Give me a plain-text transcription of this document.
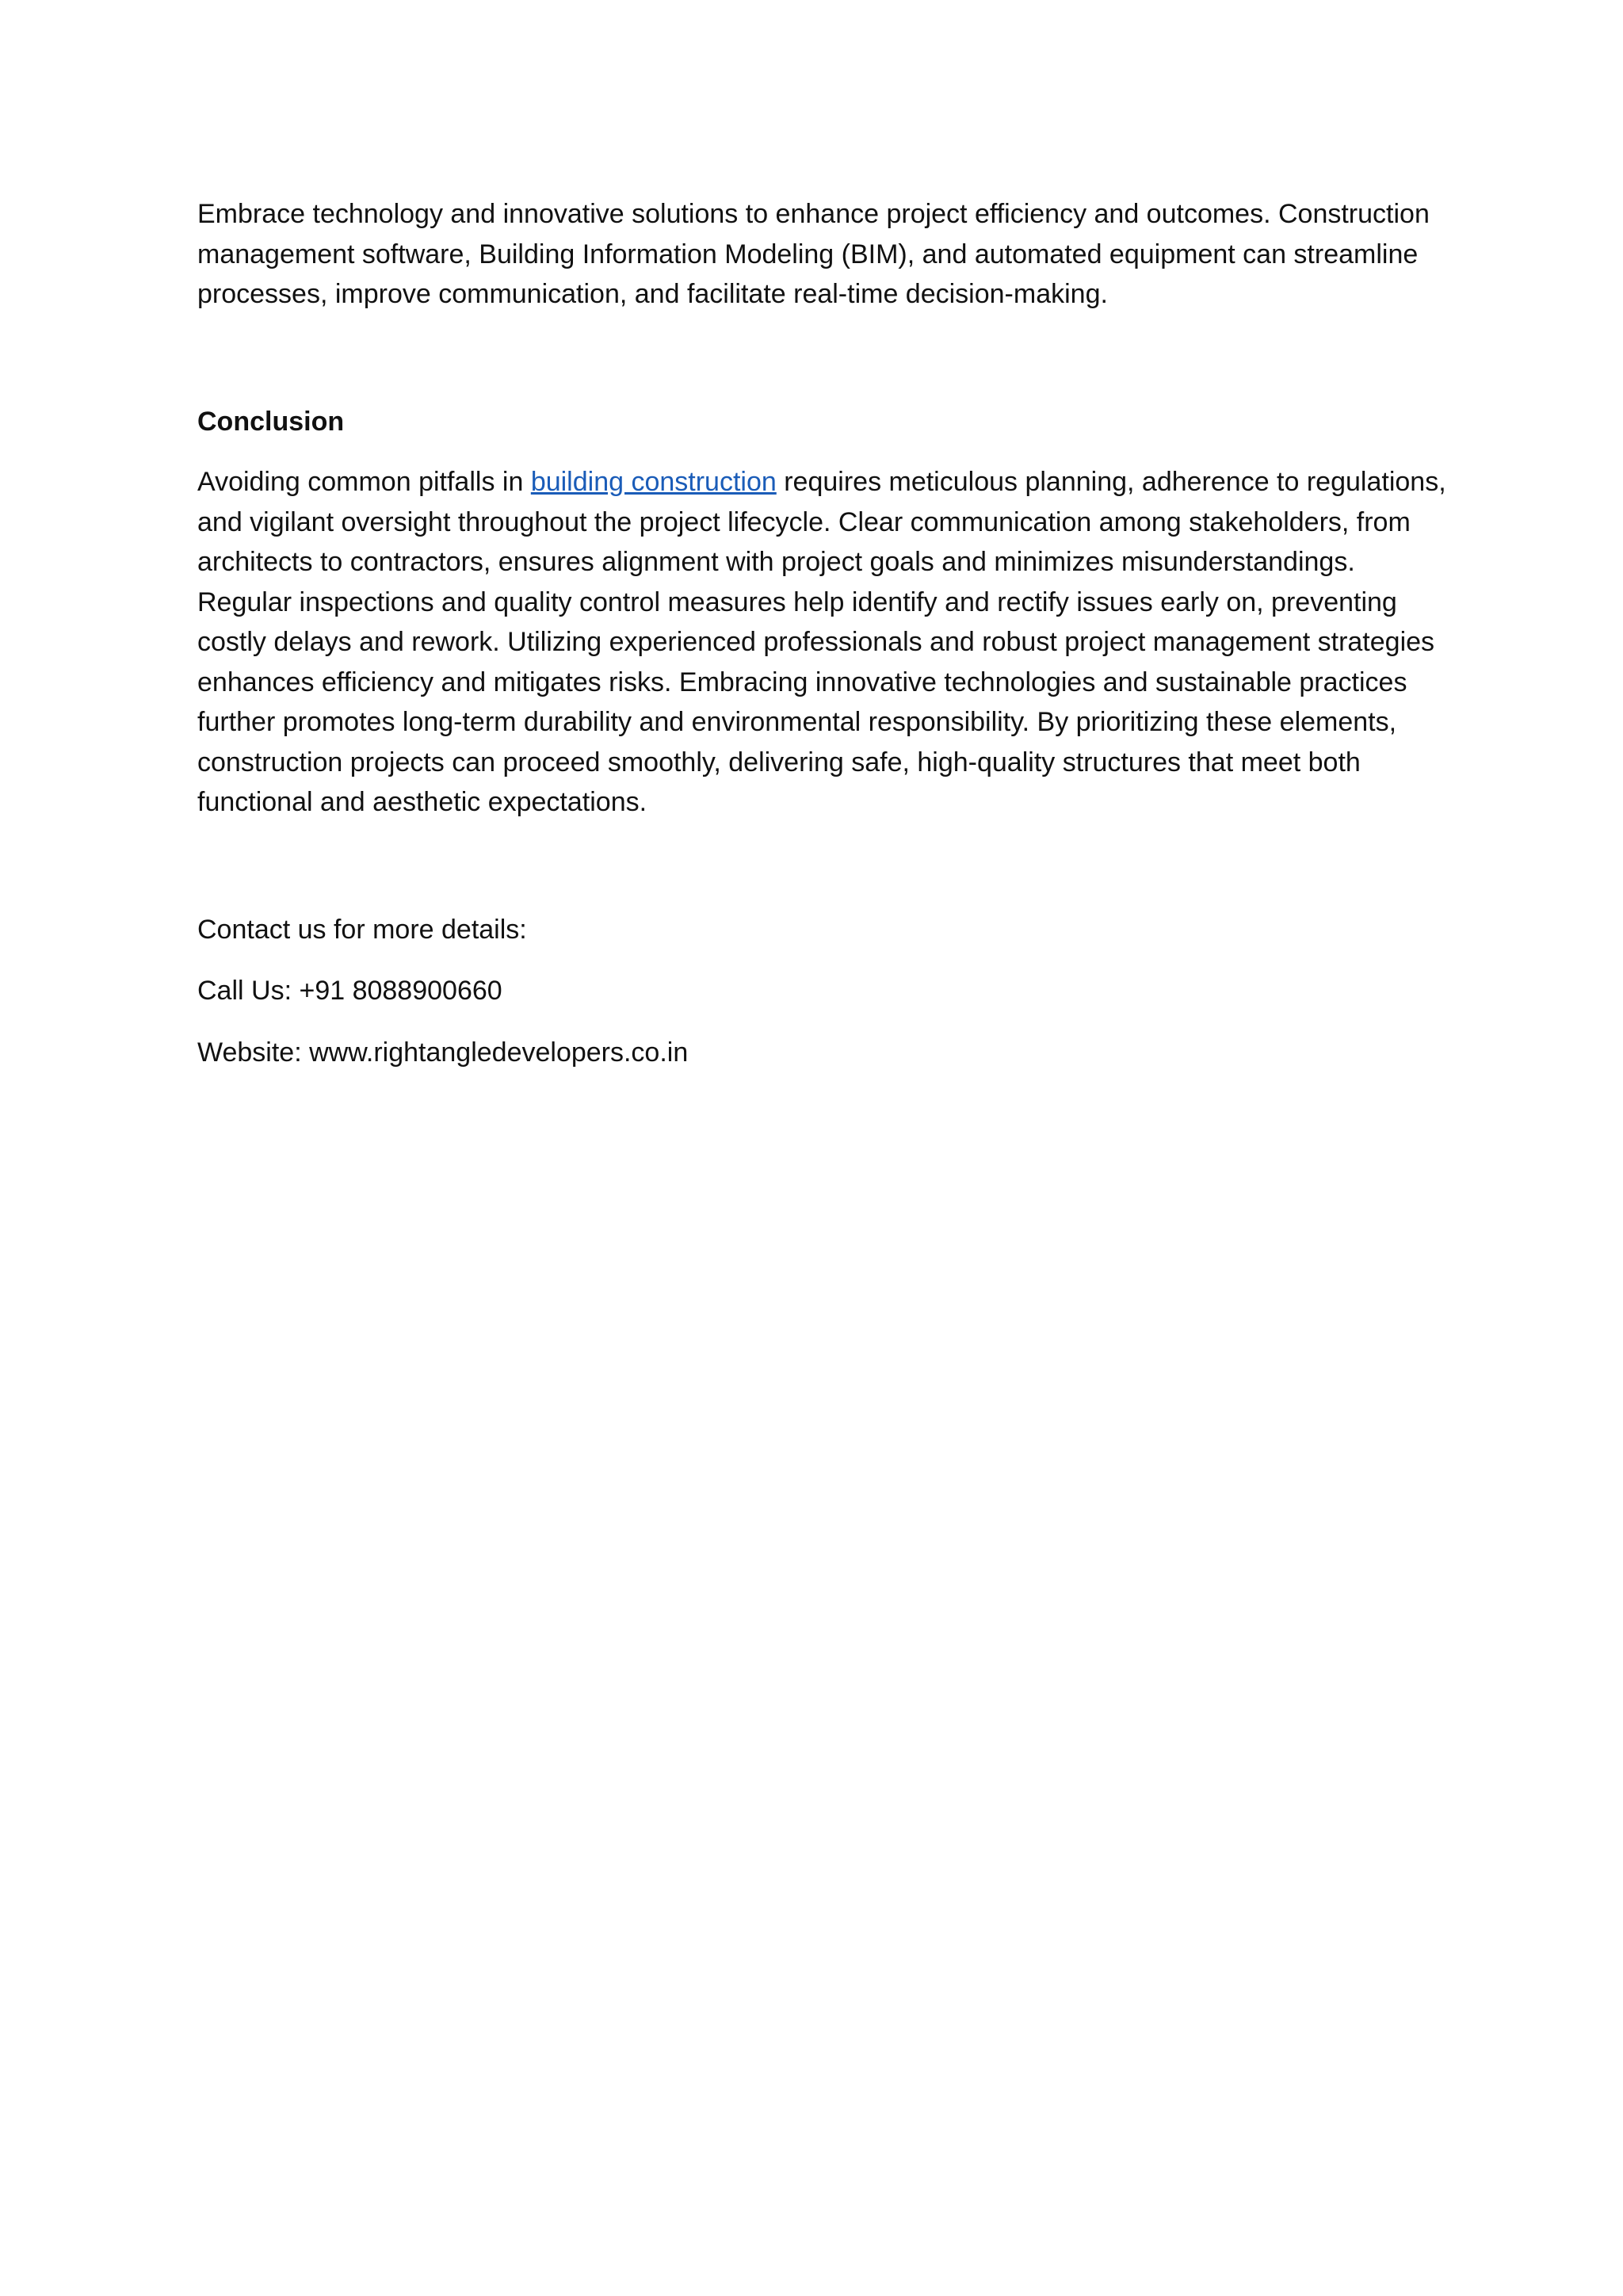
Embrace technology and innovative solutions to enhance project efficiency and outcomes. Construction management software, Building Information Modeling (BIM), and automated equipment can streamline processes, improve communication, and facilitate real-time decision-making.

Conclusion

Avoiding common pitfalls in building construction requires meticulous planning, adherence to regulations, and vigilant oversight throughout the project lifecycle. Clear communication among stakeholders, from architects to contractors, ensures alignment with project goals and minimizes misunderstandings. Regular inspections and quality control measures help identify and rectify issues early on, preventing costly delays and rework. Utilizing experienced professionals and robust project management strategies enhances efficiency and mitigates risks. Embracing innovative technologies and sustainable practices further promotes long-term durability and environmental responsibility. By prioritizing these elements, construction projects can proceed smoothly, delivering safe, high-quality structures that meet both functional and aesthetic expectations.

Contact us for more details:

Call Us: +91 8088900660

Website: www.rightangledevelopers.co.in
